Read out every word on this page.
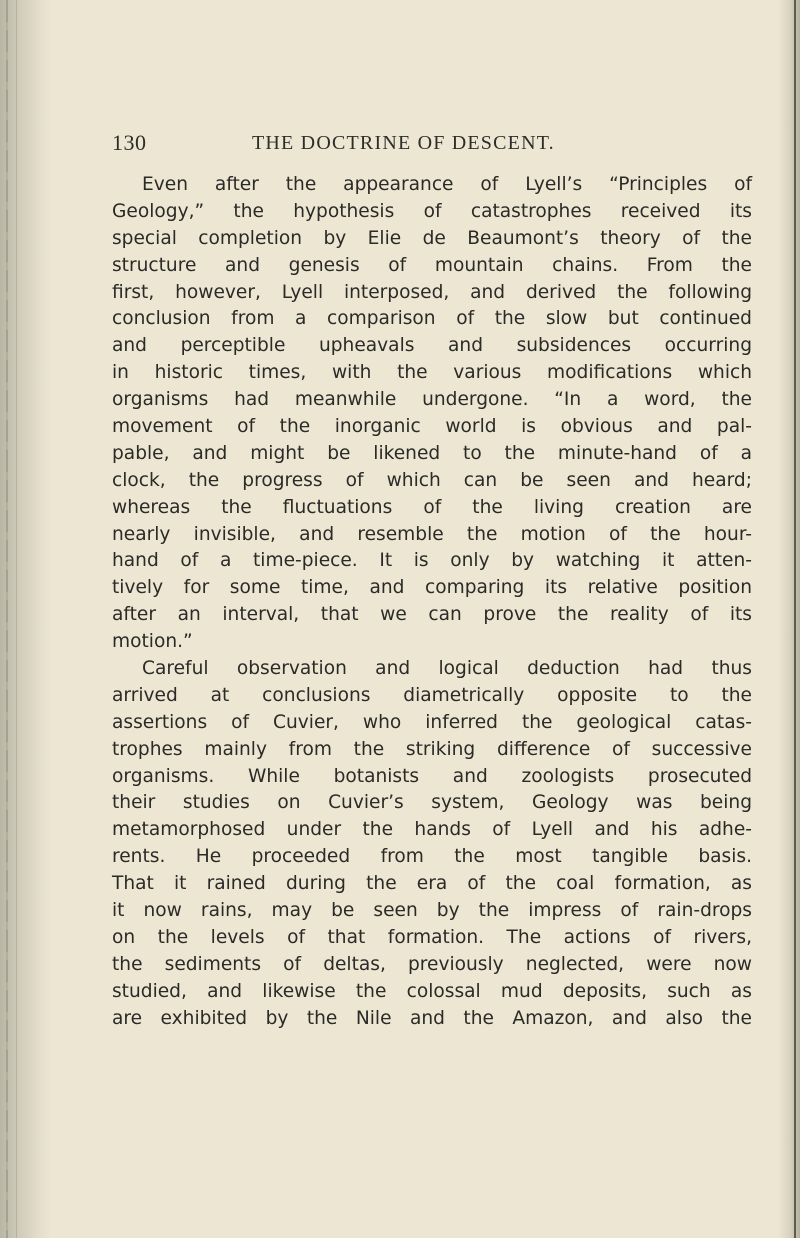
130	THE DOCTRINE OF DESCENT.
Even after the appearance of Lyell’s “Principles of
Geology,” the hypothesis of catastrophes received its
special completion by Elie de Beaumont’s theory of the
structure and genesis of mountain chains. From the
first, however, Lyell interposed, and derived the following
conclusion from a comparison of the slow but continued
and perceptible upheavals and subsidences occurring
in historic times, with the various modifications which
organisms had meanwhile undergone. “In a word, the
movement of the inorganic world is obvious and pal-
pable, and might be likened to the minute-hand of a
clock, the progress of which can be seen and heard;
whereas the fluctuations of the living creation are
nearly invisible, and resemble the motion of the hour-
hand of a time-piece. It is only by watching it atten-
tively for some time, and comparing its relative position
after an interval, that we can prove the reality of its
motion.”
Careful observation and logical deduction had thus
arrived at conclusions diametrically opposite to the
assertions of Cuvier, who inferred the geological catas-
trophes mainly from the striking difference of successive
organisms. While botanists and zoologists prosecuted
their studies on Cuvier’s system, Geology was being
metamorphosed under the hands of Lyell and his adhe-
rents. He proceeded from the most tangible basis.
That it rained during the era of the coal formation, as
it now rains, may be seen by the impress of rain-drops
on the levels of that formation. The actions of rivers,
the sediments of deltas, previously neglected, were now
studied, and likewise the colossal mud deposits, such as
are exhibited by the Nile and the Amazon, and also the
